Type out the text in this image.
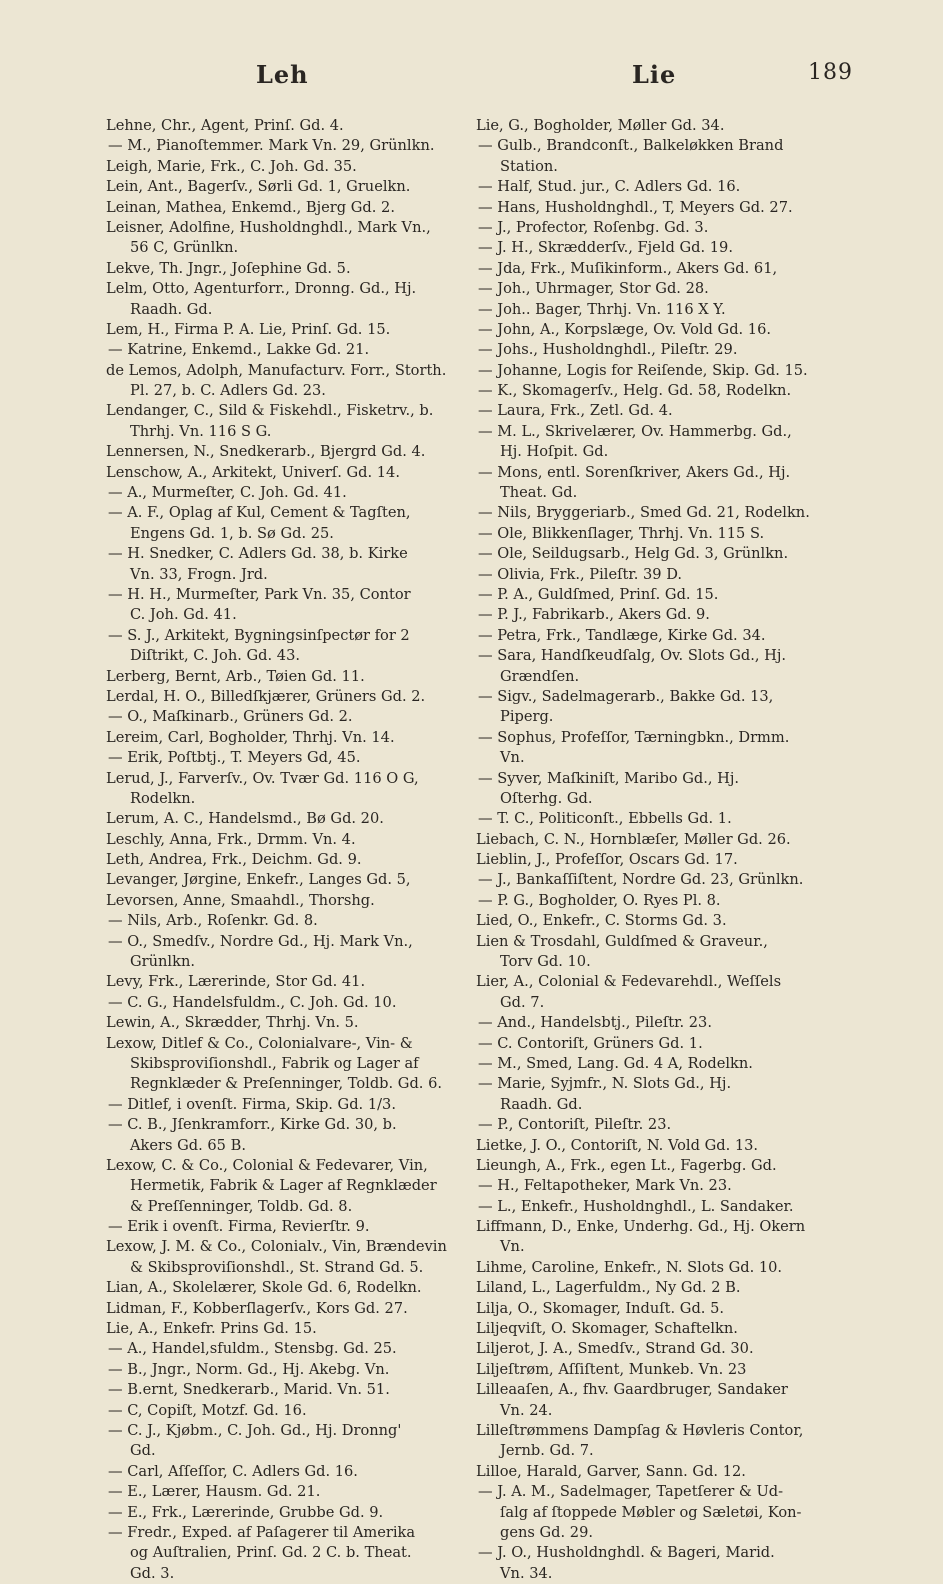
Leh	Lie	189
Lehne, Chr., Agent, Prinſ. Gd. 4.
— M., Pianoſtemmer. Mark Vn. 29, Grünlkn.
Leigh, Marie, Frk., C. Joh. Gd. 35.
Lein, Ant., Bagerſv., Sørli Gd. 1, Gruelkn.
Leinan, Mathea, Enkemd., Bjerg Gd. 2.
Leisner, Adolfine, Husholdnghdl., Mark Vn.,
56 C, Grünlkn.
Lekve, Th. Jngr., Joſephine Gd. 5.
Lelm, Otto, Agenturforr., Dronng. Gd., Hj.
Raadh. Gd.
Lem, H., Firma P. A. Lie, Prinſ. Gd. 15.
— Katrine, Enkemd., Lakke Gd. 21.
de Lemos, Adolph, Manufacturv. Forr., Storth.
Pl. 27, b. C. Adlers Gd. 23.
Lendanger, C., Sild & Fiskehdl., Fisketrv., b.
Thrhj. Vn. 116 S G.
Lennersen, N., Snedkerarb., Bjergrd Gd. 4.
Lenschow, A., Arkitekt, Univerſ. Gd. 14.
— A., Murmeſter, C. Joh. Gd. 41.
— A. F., Oplag af Kul, Cement & Tagſten,
Engens Gd. 1, b. Sø Gd. 25.
— H. Snedker, C. Adlers Gd. 38, b. Kirke
Vn. 33, Frogn. Jrd.
— H. H., Murmeſter, Park Vn. 35, Contor
C. Joh. Gd. 41.
— S. J., Arkitekt, Bygningsinſpectør for 2
Diſtrikt, C. Joh. Gd. 43.
Lerberg, Bernt, Arb., Tøien Gd. 11.
Lerdal, H. O., Billedſkjærer, Grüners Gd. 2.
— O., Maſkinarb., Grüners Gd. 2.
Lereim, Carl, Bogholder, Thrhj. Vn. 14.
— Erik, Poſtbtj., T. Meyers Gd, 45.
Lerud, J., Farverſv., Ov. Tvær Gd. 116 O G,
Rodelkn.
Lerum, A. C., Handelsmd., Bø Gd. 20.
Leschly, Anna, Frk., Drmm. Vn. 4.
Leth, Andrea, Frk., Deichm. Gd. 9.
Levanger, Jørgine, Enkefr., Langes Gd. 5,
Levorsen, Anne, Smaahdl., Thorshg.
— Nils, Arb., Roſenkr. Gd. 8.
— O., Smedſv., Nordre Gd., Hj. Mark Vn.,
Grünlkn.
Levy, Frk., Lærerinde, Stor Gd. 41.
— C. G., Handelsfuldm., C. Joh. Gd. 10.
Lewin, A., Skrædder, Thrhj. Vn. 5.
Lexow, Ditlef & Co., Colonialvare-, Vin- &
Skibsproviſionshdl., Fabrik og Lager af
Regnklæder & Preſenninger, Toldb. Gd. 6.
— Ditlef, i ovenſt. Firma, Skip. Gd. 1/3.
— C. B., Jſenkramforr., Kirke Gd. 30, b.
Akers Gd. 65 B.
Lexow, C. & Co., Colonial & Fedevarer, Vin,
Hermetik, Fabrik & Lager af Regnklæder
& Preſſenninger, Toldb. Gd. 8.
— Erik i ovenſt. Firma, Revierſtr. 9.
Lexow, J. M. & Co., Colonialv., Vin, Brændevin
& Skibsproviſionshdl., St. Strand Gd. 5.
Lian, A., Skolelærer, Skole Gd. 6, Rodelkn.
Lidman, F., Kobberſlagerſv., Kors Gd. 27.
Lie, A., Enkefr. Prins Gd. 15.
— A., Handel,sfuldm., Stensbg. Gd. 25.
— B., Jngr., Norm. Gd., Hj. Akebg. Vn.
— B.ernt, Snedkerarb., Marid. Vn. 51.
— C, Copiſt, Motzf. Gd. 16.
— C. J., Kjøbm., C. Joh. Gd., Hj. Dronng'
Gd.
— Carl, Aſſeſſor, C. Adlers Gd. 16.
— E., Lærer, Hausm. Gd. 21.
— E., Frk., Lærerinde, Grubbe Gd. 9.
— Fredr., Exped. af Paſagerer til Amerika
og Auſtralien, Prinſ. Gd. 2 C. b. Theat.
Gd. 3.
Lie, G., Bogholder, Møller Gd. 34.
— Gulb., Brandconſt., Balkeløkken Brand
Station.
— Half, Stud. jur., C. Adlers Gd. 16.
— Hans, Husholdnghdl., T, Meyers Gd. 27.
— J., Profector, Roſenbg. Gd. 3.
— J. H., Skrædderſv., Fjeld Gd. 19.
— Jda, Frk., Muſikinform., Akers Gd. 61,
— Joh., Uhrmager, Stor Gd. 28.
— Joh.. Bager, Thrhj. Vn. 116 X Y.
— John, A., Korpslæge, Ov. Vold Gd. 16.
— Johs., Husholdnghdl., Pileſtr. 29.
— Johanne, Logis for Reiſende, Skip. Gd. 15.
— K., Skomagerſv., Helg. Gd. 58, Rodelkn.
— Laura, Frk., Zetl. Gd. 4.
— M. L., Skrivelærer, Ov. Hammerbg. Gd.,
Hj. Hoſpit. Gd.
— Mons, entl. Sorenſkriver, Akers Gd., Hj.
Theat. Gd.
— Nils, Bryggeriarb., Smed Gd. 21, Rodelkn.
— Ole, Blikkenſlager, Thrhj. Vn. 115 S.
— Ole, Seildugsarb., Helg Gd. 3, Grünlkn.
— Olivia, Frk., Pileſtr. 39 D.
— P. A., Guldſmed, Prinſ. Gd. 15.
— P. J., Fabrikarb., Akers Gd. 9.
— Petra, Frk., Tandlæge, Kirke Gd. 34.
— Sara, Handſkeudſalg, Ov. Slots Gd., Hj.
Grændſen.
— Sigv., Sadelmagerarb., Bakke Gd. 13,
Piperg.
— Sophus, Profeſſor, Tærningbkn., Drmm.
Vn.
— Syver, Maſkiniſt, Maribo Gd., Hj.
Oſterhg. Gd.
— T. C., Politiconſt., Ebbells Gd. 1.
Liebach, C. N., Hornblæſer, Møller Gd. 26.
Lieblin, J., Profeſſor, Oscars Gd. 17.
— J., Bankaſſiſtent, Nordre Gd. 23, Grünlkn.
— P. G., Bogholder, O. Ryes Pl. 8.
Lied, O., Enkefr., C. Storms Gd. 3.
Lien & Trosdahl, Guldſmed & Graveur.,
Torv Gd. 10.
Lier, A., Colonial & Fedevarehdl., Weſſels
Gd. 7.
— And., Handelsbtj., Pileſtr. 23.
— C. Contoriſt, Grüners Gd. 1.
— M., Smed, Lang. Gd. 4 A, Rodelkn.
— Marie, Syjmfr., N. Slots Gd., Hj.
Raadh. Gd.
— P., Contoriſt, Pileſtr. 23.
Lietke, J. O., Contoriſt, N. Vold Gd. 13.
Lieungh, A., Frk., egen Lt., Fagerbg. Gd.
— H., Feltapotheker, Mark Vn. 23.
— L., Enkefr., Husholdnghdl., L. Sandaker.
Liffmann, D., Enke, Underhg. Gd., Hj. Okern
Vn.
Lihme, Caroline, Enkefr., N. Slots Gd. 10.
Liland, L., Lagerfuldm., Ny Gd. 2 B.
Lilja, O., Skomager, Induſt. Gd. 5.
Liljeqviſt, O. Skomager, Schaftelkn.
Liljerot, J. A., Smedſv., Strand Gd. 30.
Liljeſtrøm, Aſſiſtent, Munkeb. Vn. 23
Lilleaaſen, A., fhv. Gaardbruger, Sandaker
Vn. 24.
Lilleſtrømmens Dampſag & Høvleris Contor,
Jernb. Gd. 7.
Lilloe, Harald, Garver, Sann. Gd. 12.
— J. A. M., Sadelmager, Tapetſerer & Ud-
ſalg af ſtoppede Møbler og Sæletøi, Kon-
gens Gd. 29.
— J. O., Husholdnghdl. & Bageri, Marid.
Vn. 34.
